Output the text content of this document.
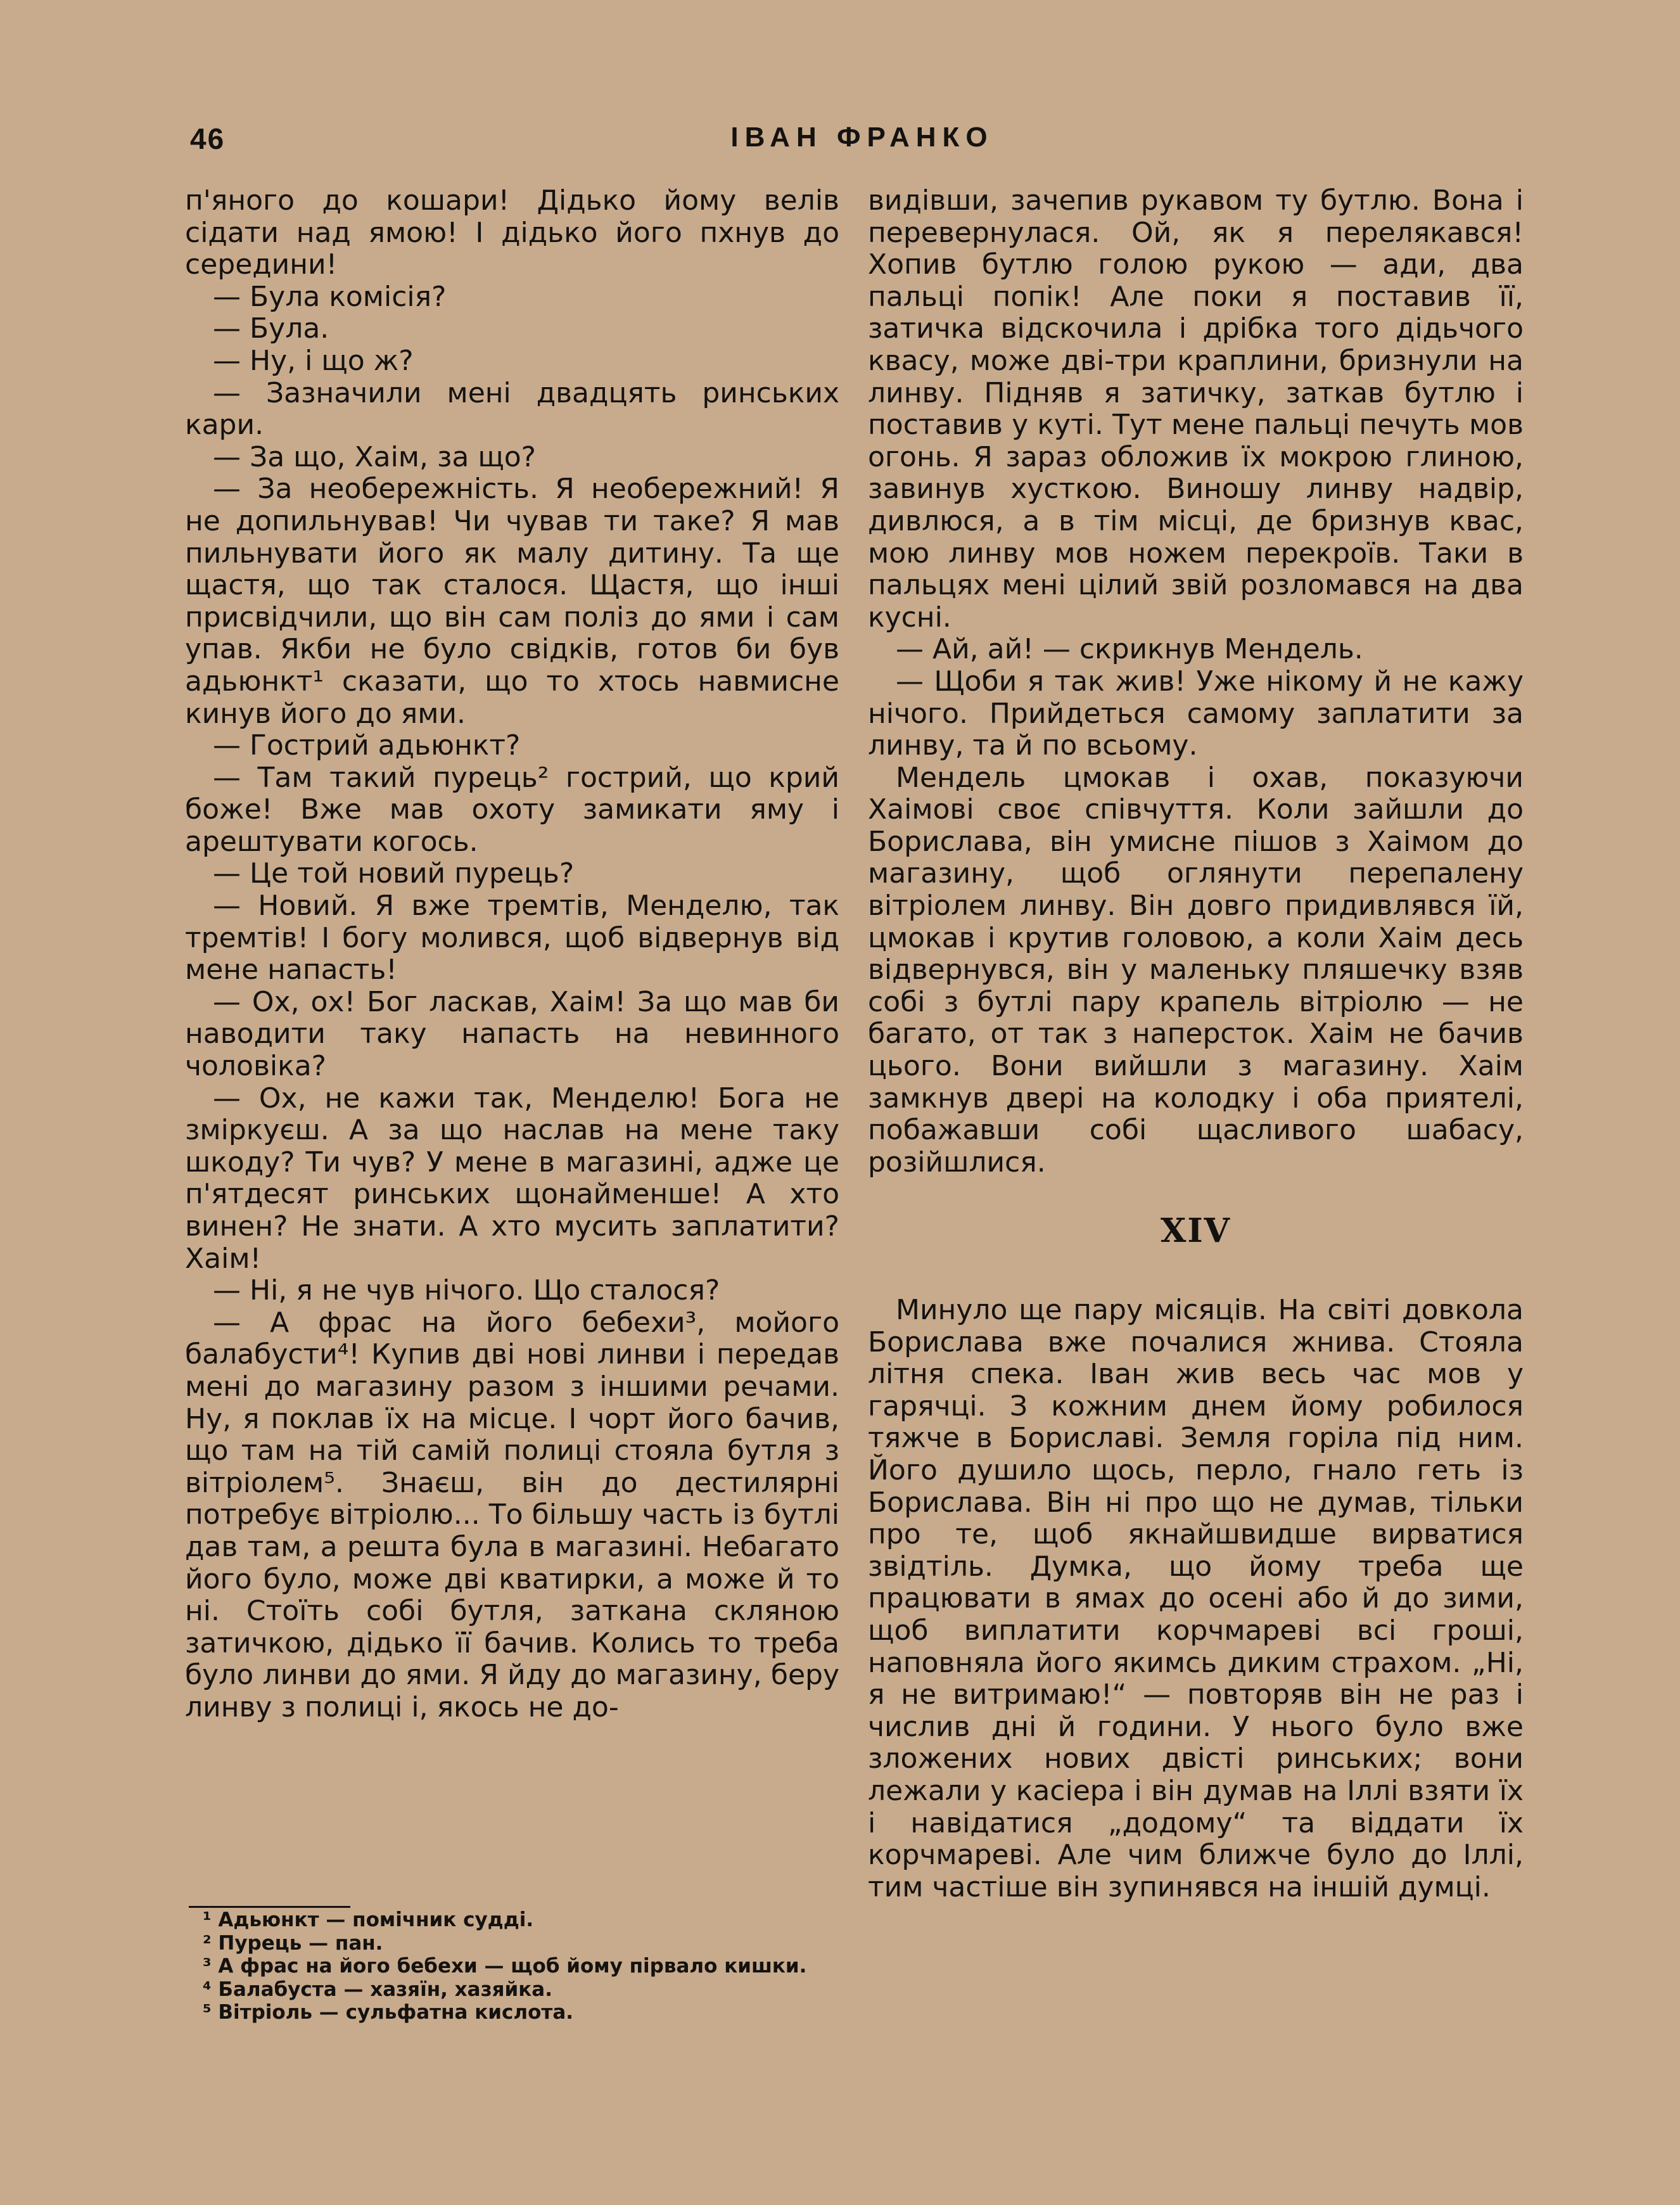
46	ІВАН ФРАНКО

п'яного до кошари! Дідько йому велів сідати над ямою! І дідько його пхнув до середини!

— Була комісія?

— Була.

— Ну, і що ж?

— Зазначили мені двадцять ринських кари.

— За що, Хаім, за що?

— За необережність. Я необережний! Я не допильнував! Чи чував ти таке? Я мав пильнувати його як малу дитину. Та ще щастя, що так сталося. Щастя, що інші присвідчили, що він сам поліз до ями і сам упав. Якби не було свідків, готов би був адьюнкт¹ сказати, що то хтось навмисне кинув його до ями.

— Гострий адьюнкт?

— Там такий пурець² гострий, що крий боже! Вже мав охоту замикати яму і арештувати когось.

— Це той новий пурець?

— Новий. Я вже тремтів, Менделю, так тремтів! І богу молився, щоб відвернув від мене напасть!

— Ох, ох! Бог ласкав, Хаім! За що мав би наводити таку напасть на невинного чоловіка?

— Ох, не кажи так, Менделю! Бога не зміркуєш. А за що наслав на мене таку шкоду? Ти чув? У мене в магазині, адже це п'ятдесят ринських щонайменше! А хто винен? Не знати. А хто мусить заплатити? Хаім!

— Ні, я не чув нічого. Що сталося?

— А фрас на його бебехи³, мойого балабусти⁴! Купив дві нові линви і передав мені до магазину разом з іншими речами. Ну, я поклав їх на місце. І чорт його бачив, що там на тій самій полиці стояла бутля з вітріолем⁵. Знаєш, він до дестилярні потребує вітріолю... То більшу часть із бутлі дав там, а решта була в магазині. Небагато його було, може дві кватирки, а може й то ні. Стоїть собі бутля, заткана скляною затичкою, дідько її бачив. Колись то треба було линви до ями. Я йду до магазину, беру линву з полиці і, якось не до-

видівши, зачепив рукавом ту бутлю. Вона і перевернулася. Ой, як я перелякався! Хопив бутлю голою рукою — ади, два пальці попік! Але поки я поставив її, затичка відскочила і дрібка того дідьчого квасу, може дві-три краплини, бризнули на линву. Підняв я затичку, заткав бутлю і поставив у куті. Тут мене пальці печуть мов огонь. Я зараз обложив їх мокрою глиною, завинув хусткою. Виношу линву надвір, дивлюся, а в тім місці, де бризнув квас, мою линву мов ножем перекроїв. Таки в пальцях мені цілий звій розломався на два кусні.

— Ай, ай! — скрикнув Мендель.

— Щоби я так жив! Уже нікому й не кажу нічого. Прийдеться самому заплатити за линву, та й по всьому.

Мендель цмокав і охав, показуючи Хаімові своє співчуття. Коли зайшли до Борислава, він умисне пішов з Хаімом до магазину, щоб оглянути перепалену вітріолем линву. Він довго придивлявся їй, цмокав і крутив головою, а коли Хаім десь відвернувся, він у маленьку пляшечку взяв собі з бутлі пару крапель вітріолю — не багато, от так з наперсток. Хаім не бачив цього. Вони вийшли з магазину. Хаім замкнув двері на колодку і оба приятелі, побажавши собі щасливого шабасу, розійшлися.

XIV

Минуло ще пару місяців. На світі довкола Борислава вже почалися жнива. Стояла літня спека. Іван жив весь час мов у гарячці. З кожним днем йому робилося тяжче в Бориславі. Земля горіла під ним. Його душило щось, перло, гнало геть із Борислава. Він ні про що не думав, тільки про те, щоб якнайшвидше вирватися звідтіль. Думка, що йому треба ще працювати в ямах до осені або й до зими, щоб виплатити корчмареві всі гроші, наповняла його якимсь диким страхом. „Ні, я не витримаю!“ — повторяв він не раз і числив дні й години. У нього було вже зложених нових двісті ринських; вони лежали у касіера і він думав на Іллі взяти їх і навідатися „додому“ та віддати їх корчмареві. Але чим ближче було до Іллі, тим частіше він зупинявся на іншій думці.

¹ Адьюнкт — помічник судді.

² Пурець — пан.

³ А фрас на його бебехи — щоб йому пірвало кишки.

⁴ Балабуста — хазяїн, хазяйка.

⁵ Вітріоль — сульфатна кислота.
